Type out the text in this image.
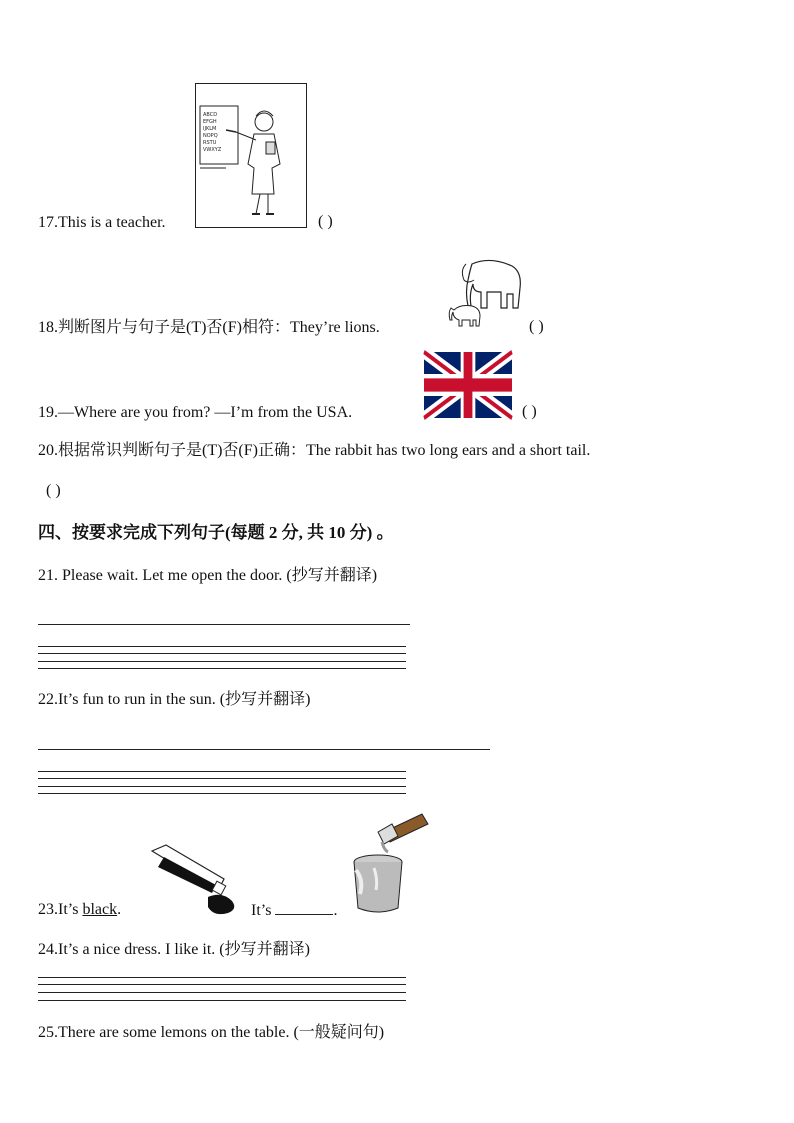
ABCD
EFGH
IJKLM
NOPQ
RSTU
VWXYZ
17.This is a teacher.	( )
18.判断图片与句子是(T)否(F)相符：They’re lions.	( )
19.—Where are you from? —I’m from the USA.	( )
20.根据常识判断句子是(T)否(F)正确：The rabbit has two long ears and a short tail.
( )
四、按要求完成下列句子(每题 2 分, 共 10 分) 。
21. Please wait. Let me open the door. (抄写并翻译)
22.It’s fun to run in the sun. (抄写并翻译)
23.It’s black.	It’s	.
24.It’s a nice dress. I like it. (抄写并翻译)
25.There are some lemons on the table. (一般疑问句)
